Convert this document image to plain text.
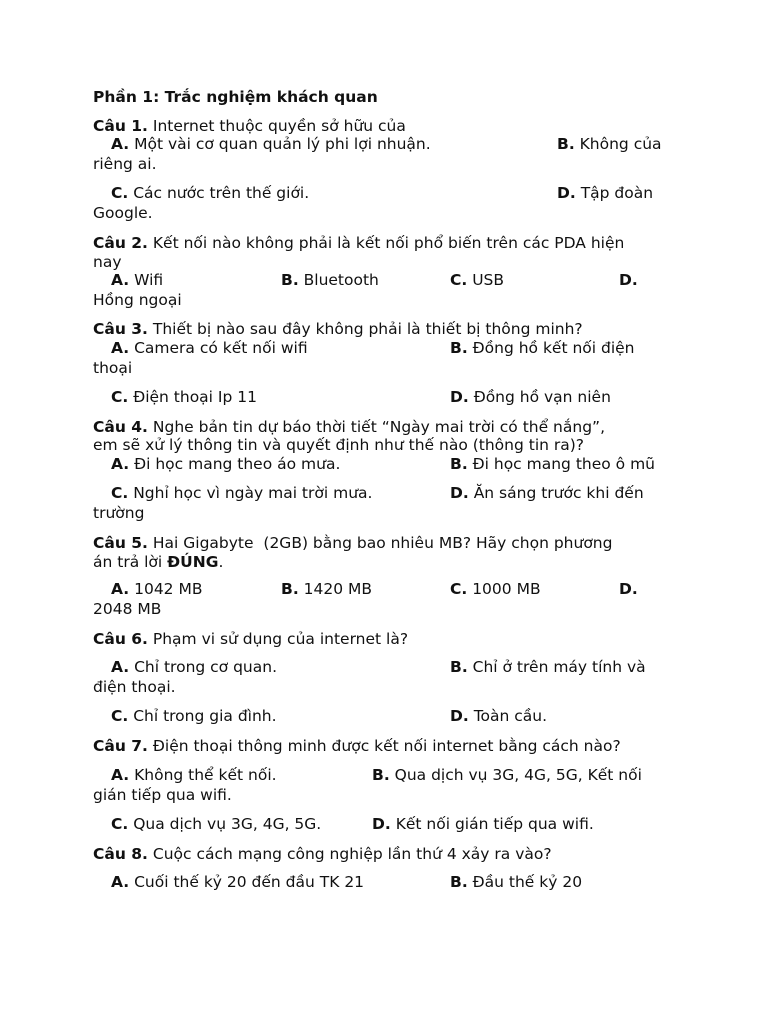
Phần 1: Trắc nghiệm khách quan
Câu 1. Internet thuộc quyền sở hữu của
A. Một vài cơ quan quản lý phi lợi nhuận.	B. Không của
riêng ai.
C. Các nước trên thế giới.	D. Tập đoàn
Google.
Câu 2. Kết nối nào không phải là kết nối phổ biến trên các PDA hiện
nay
A. Wifi	B. Bluetooth	C. USB	D.
Hồng ngoại
Câu 3. Thiết bị nào sau đây không phải là thiết bị thông minh?
A. Camera có kết nối wifi	B. Đồng hồ kết nối điện
thoại
C. Điện thoại Ip 11	D. Đồng hồ vạn niên
Câu 4. Nghe bản tin dự báo thời tiết “Ngày mai trời có thể nắng”,
em sẽ xử lý thông tin và quyết định như thế nào (thông tin ra)?
A. Đi học mang theo áo mưa.	B. Đi học mang theo ô mũ
C. Nghỉ học vì ngày mai trời mưa.	D. Ăn sáng trước khi đến
trường
Câu 5. Hai Gigabyte  (2GB) bằng bao nhiêu MB? Hãy chọn phương
án trả lời ĐÚNG.
A. 1042 MB	B. 1420 MB	C. 1000 MB	D.
2048 MB
Câu 6. Phạm vi sử dụng của internet là?
A. Chỉ trong cơ quan.	B. Chỉ ở trên máy tính và
điện thoại.
C. Chỉ trong gia đình.	D. Toàn cầu.
Câu 7. Điện thoại thông minh được kết nối internet bằng cách nào?
A. Không thể kết nối.	B. Qua dịch vụ 3G, 4G, 5G, Kết nối
gián tiếp qua wifi.
C. Qua dịch vụ 3G, 4G, 5G.	D. Kết nối gián tiếp qua wifi.
Câu 8. Cuộc cách mạng công nghiệp lần thứ 4 xảy ra vào?
A. Cuối thế kỷ 20 đến đầu TK 21	B. Đầu thế kỷ 20
